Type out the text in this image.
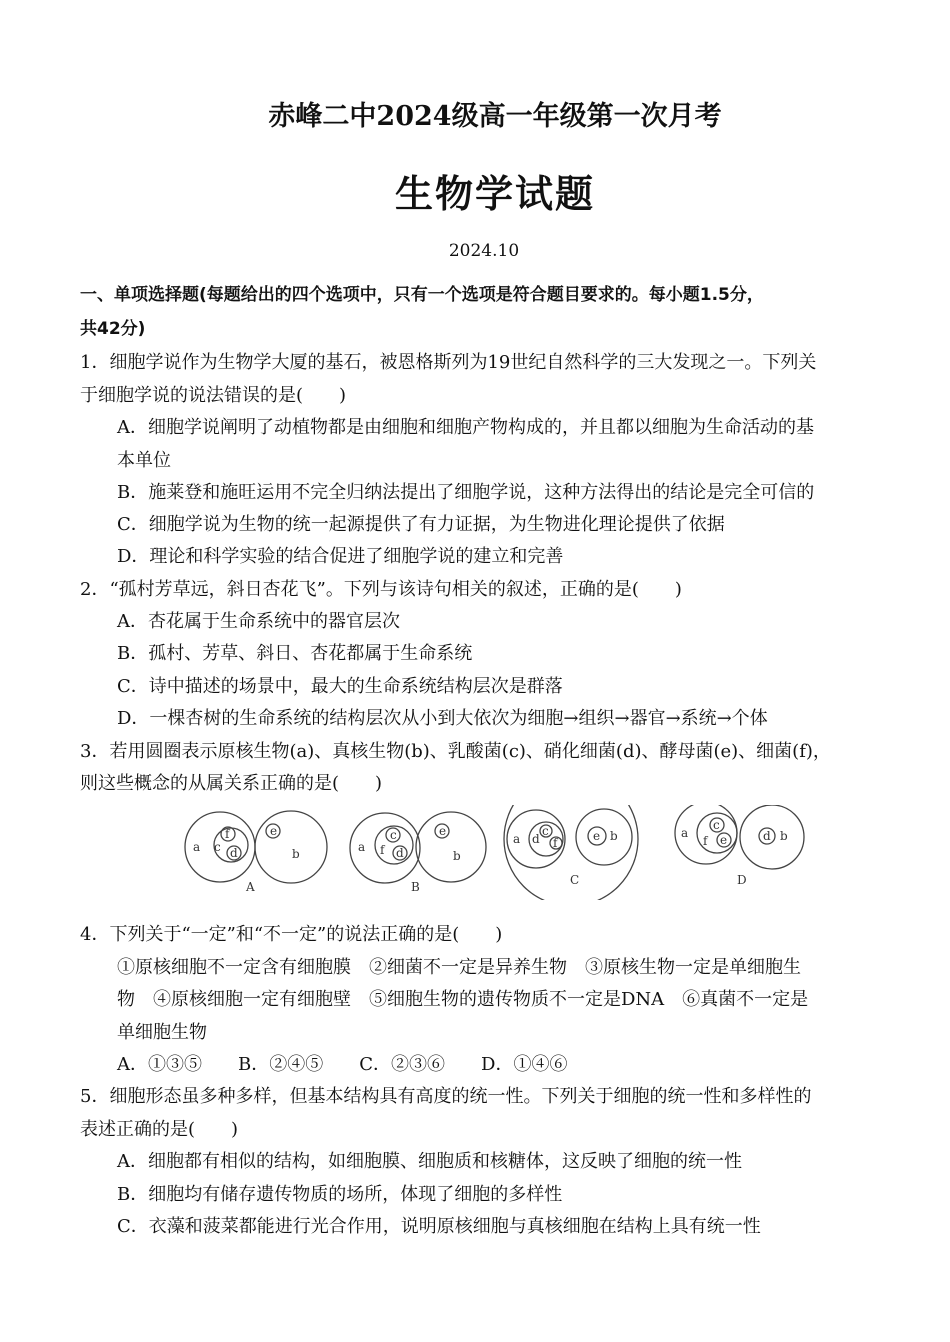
赤峰二中2024级高一年级第一次月考
生物学试题
2024.10
一、单项选择题(每题给出的四个选项中，只有一个选项是符合题目要求的。每小题1.5分，
共42分)
1．细胞学说作为生物学大厦的基石，被恩格斯列为19世纪自然科学的三大发现之一。下列关
于细胞学说的说法错误的是(　　)
A．细胞学说阐明了动植物都是由细胞和细胞产物构成的，并且都以细胞为生命活动的基
本单位
B．施莱登和施旺运用不完全归纳法提出了细胞学说，这种方法得出的结论是完全可信的
C．细胞学说为生物的统一起源提供了有力证据，为生物进化理论提供了依据
D．理论和科学实验的结合促进了细胞学说的建立和完善
2．“孤村芳草远，斜日杏花飞”。下列与该诗句相关的叙述，正确的是(　　)
A．杏花属于生命系统中的器官层次
B．孤村、芳草、斜日、杏花都属于生命系统
C．诗中描述的场景中，最大的生命系统结构层次是群落
D．一棵杏树的生命系统的结构层次从小到大依次为细胞→组织→器官→系统→个体
3．若用圆圈表示原核生物(a)、真核生物(b)、乳酸菌(c)、硝化细菌(d)、酵母菌(e)、细菌(f)，
则这些概念的从属关系正确的是(　　)
a c
f
d
e
b	a f
c
d
e
b
a d
c
f	e b	a
f
c
e	d b
A	B	C	D
4．下列关于“一定”和“不一定”的说法正确的是(　　)
①原核细胞不一定含有细胞膜　②细菌不一定是异养生物　③原核生物一定是单细胞生
物　④原核细胞一定有细胞壁　⑤细胞生物的遗传物质不一定是DNA　⑥真菌不一定是
单细胞生物
A．①③⑤ B．②④⑤ C．②③⑥ D．①④⑥
5．细胞形态虽多种多样，但基本结构具有高度的统一性。下列关于细胞的统一性和多样性的
表述正确的是(　　)
A．细胞都有相似的结构，如细胞膜、细胞质和核糖体，这反映了细胞的统一性
B．细胞均有储存遗传物质的场所，体现了细胞的多样性
C．衣藻和菠菜都能进行光合作用，说明原核细胞与真核细胞在结构上具有统一性
